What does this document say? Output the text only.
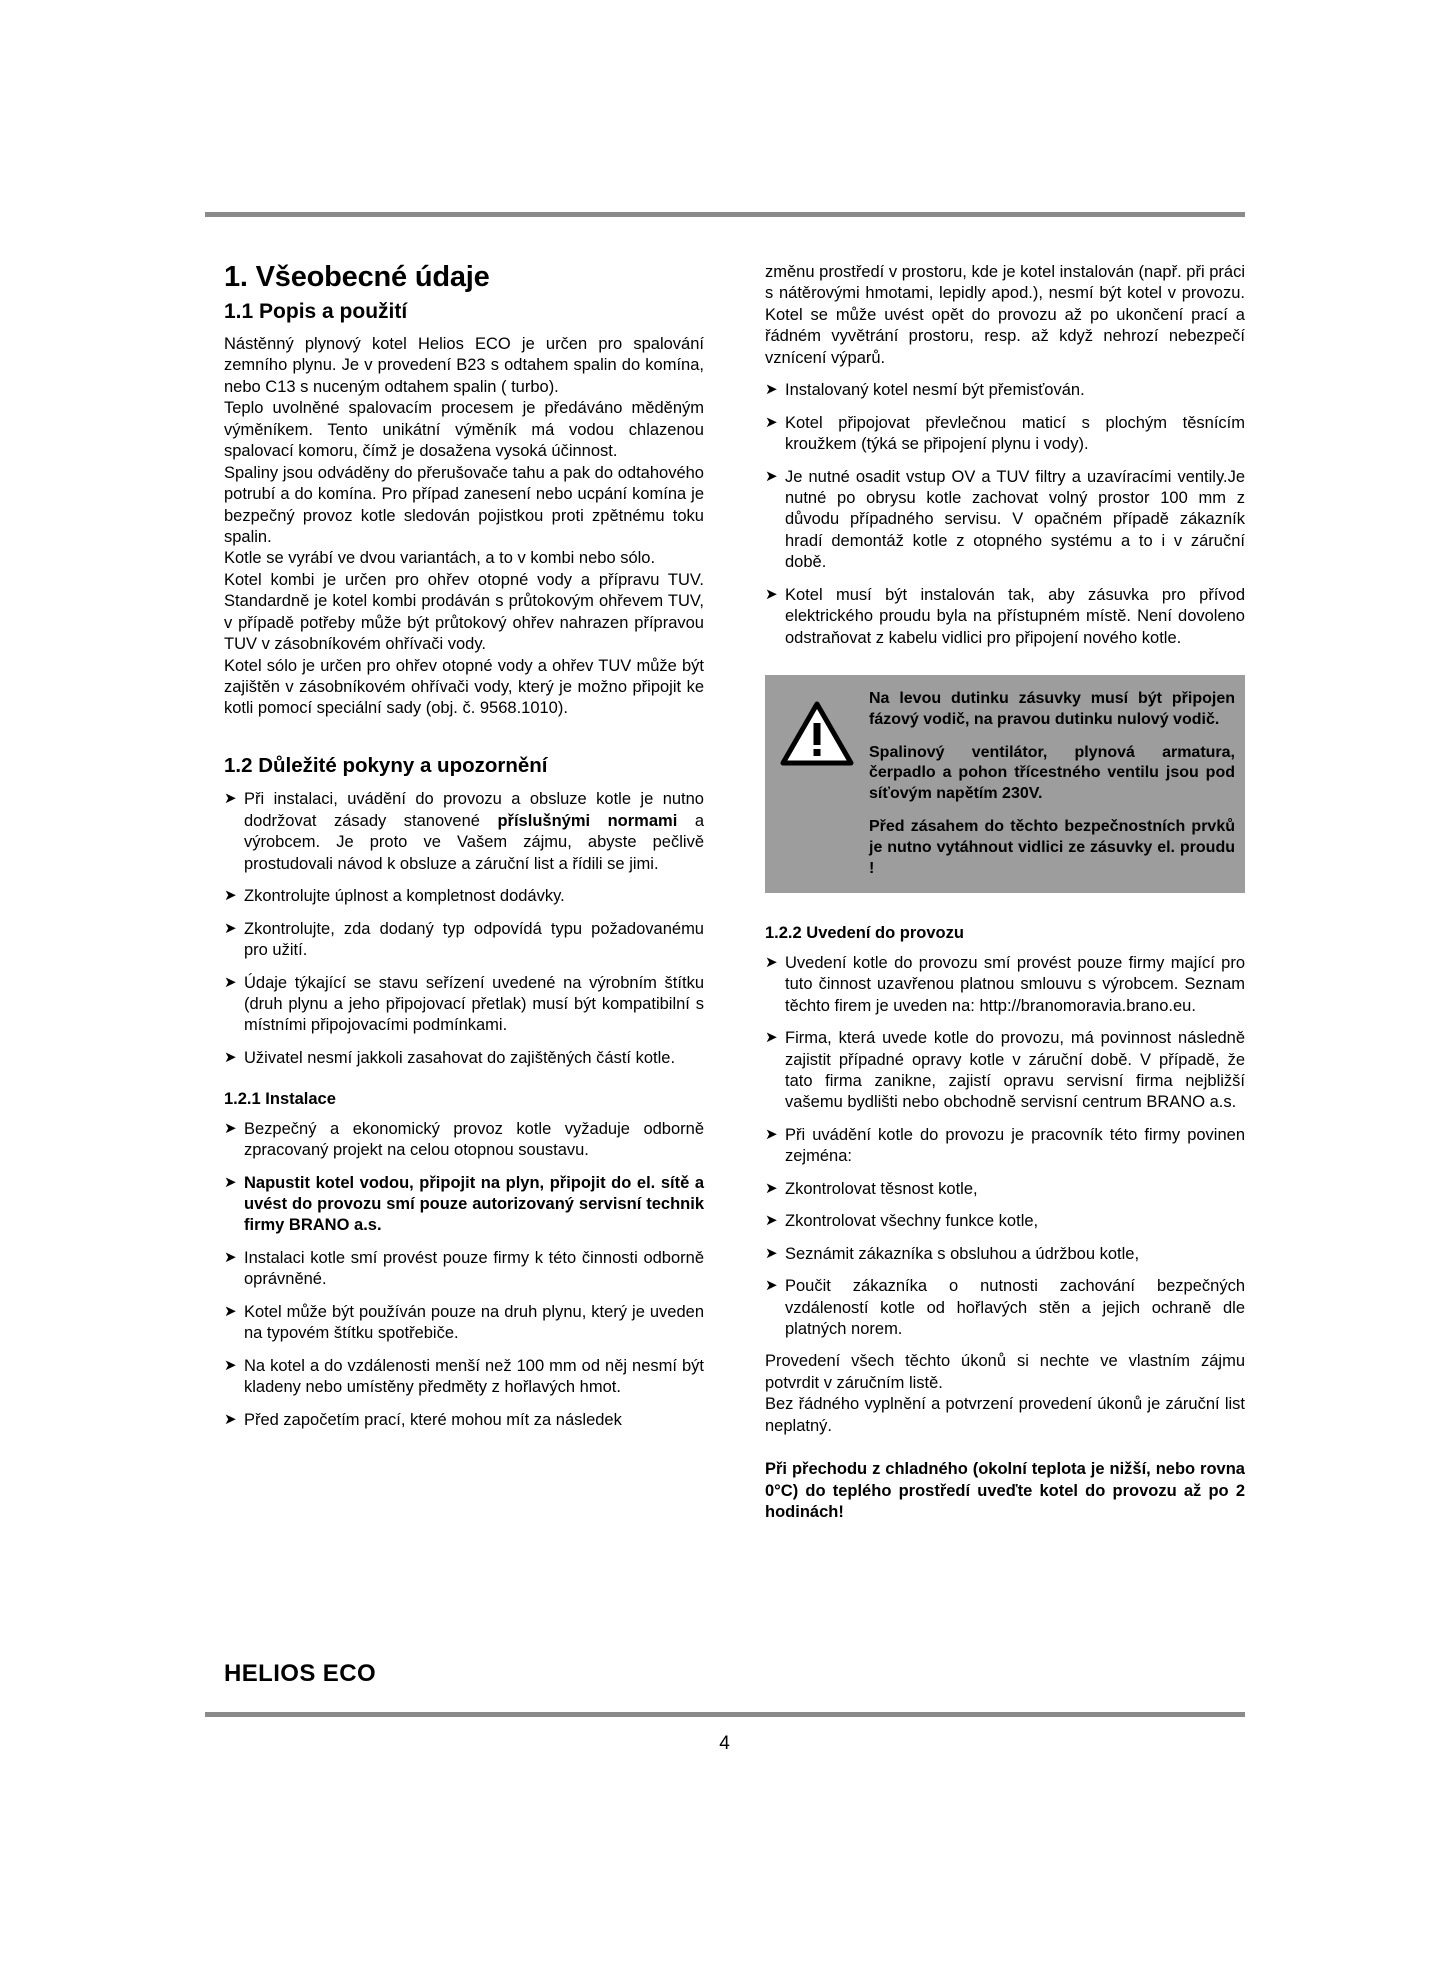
1. Všeobecné údaje
1.1 Popis a použití

Nástěnný plynový kotel Helios ECO je určen pro spalování zemního plynu. Je v provedení B23 s odtahem spalin do komína, nebo C13 s nuceným odtahem spalin ( turbo).

Teplo uvolněné spalovacím procesem je předáváno měděným výměníkem. Tento unikátní výměník má vodou chlazenou spalovací komoru, čímž je dosažena vysoká účinnost.

Spaliny jsou odváděny do přerušovače tahu a pak do odtahového potrubí a do komína. Pro případ zanesení nebo ucpání komína je bezpečný provoz kotle sledován pojistkou proti zpětnému toku spalin.

Kotle se vyrábí ve dvou variantách, a to v kombi nebo sólo.

Kotel kombi je určen pro ohřev otopné vody a přípravu TUV. Standardně je kotel kombi prodáván s průtokovým ohřevem TUV, v případě potřeby může být průtokový ohřev nahrazen přípravou TUV v zásobníkovém ohřívači vody.

Kotel sólo je určen pro ohřev otopné vody a ohřev TUV může být zajištěn v zásobníkovém ohřívači vody, který je možno připojit ke kotli pomocí speciální sady (obj. č. 9568.1010).

1.2 Důležité pokyny a upozornění
➤ Při instalaci, uvádění do provozu a obsluze kotle je nutno dodržovat zásady stanovené příslušnými normami a výrobcem. Je proto ve Vašem zájmu, abyste pečlivě prostudovali návod k obsluze a záruční list a řídili se jimi.
➤ Zkontrolujte úplnost a kompletnost dodávky.
➤ Zkontrolujte, zda dodaný typ odpovídá typu požadovanému pro užití.
➤ Údaje týkající se stavu seřízení uvedené na výrobním štítku (druh plynu a jeho připojovací přetlak) musí být kompatibilní s místními připojovacími podmínkami.
➤ Uživatel nesmí jakkoli zasahovat do zajištěných částí kotle.
1.2.1 Instalace
➤ Bezpečný a ekonomický provoz kotle vyžaduje odborně zpracovaný projekt na celou otopnou soustavu.
➤ Napustit kotel vodou, připojit na plyn, připojit do el. sítě a uvést do provozu smí pouze autorizovaný servisní technik firmy BRANO a.s.
➤ Instalaci kotle smí provést pouze firmy k této činnosti odborně oprávněné.
➤ Kotel může být používán pouze na druh plynu, který je uveden na typovém štítku spotřebiče.
➤ Na kotel a do vzdálenosti menší než 100 mm od něj nesmí být kladeny nebo umístěny předměty z hořlavých hmot.
➤ Před započetím prací, které mohou mít za následek

změnu prostředí v prostoru, kde je kotel instalován (např. při práci s nátěrovými hmotami, lepidly apod.), nesmí být kotel v provozu. Kotel se může uvést opět do provozu až po ukončení prací a řádném vyvětrání prostoru, resp. až když nehrozí nebezpečí vznícení výparů.

➤ Instalovaný kotel nesmí být přemisťován.
➤ Kotel připojovat převlečnou maticí s plochým těsnícím kroužkem (týká se připojení plynu i vody).
➤ Je nutné osadit vstup OV a TUV filtry a uzavíracími ventily.Je nutné po obrysu kotle zachovat volný prostor 100 mm z důvodu případného servisu. V opačném případě zákazník hradí demontáž kotle z otopného systému a to i v záruční době.
➤ Kotel musí být instalován tak, aby zásuvka pro přívod elektrického proudu byla na přístupném místě. Není dovoleno odstraňovat z kabelu vidlici pro připojení nového kotle.

Na levou dutinku zásuvky musí být připojen fázový vodič, na pravou dutinku nulový vodič.

Spalinový ventilátor, plynová armatura, čerpadlo a pohon třícestného ventilu jsou pod síťovým napětím 230V.

Před zásahem do těchto bezpečnostních prvků je nutno vytáhnout vidlici ze zásuvky el. proudu !

1.2.2 Uvedení do provozu
➤ Uvedení kotle do provozu smí provést pouze firmy mající pro tuto činnost uzavřenou platnou smlouvu s výrobcem. Seznam těchto firem je uveden na: http://branomoravia.brano.eu.
➤ Firma, která uvede kotle do provozu, má povinnost následně zajistit případné opravy kotle v záruční době. V případě, že tato firma zanikne, zajistí opravu servisní firma nejbližší vašemu bydlišti nebo obchodně servisní centrum BRANO a.s.
➤ Při uvádění kotle do provozu je pracovník této firmy povinen zejména:
➤ Zkontrolovat těsnost kotle,
➤ Zkontrolovat všechny funkce kotle,
➤ Seznámit zákazníka s obsluhou a údržbou kotle,
➤ Poučit zákazníka o nutnosti zachování bezpečných vzdáleností kotle od hořlavých stěn a jejich ochraně dle platných norem.

Provedení všech těchto úkonů si nechte ve vlastním zájmu potvrdit v záručním listě.

Bez řádného vyplnění a potvrzení provedení úkonů je záruční list neplatný.

Při přechodu z chladného (okolní teplota je nižší, nebo rovna 0°C) do teplého prostředí uveďte kotel do provozu až po 2 hodinách!

HELIOS ECO
4
